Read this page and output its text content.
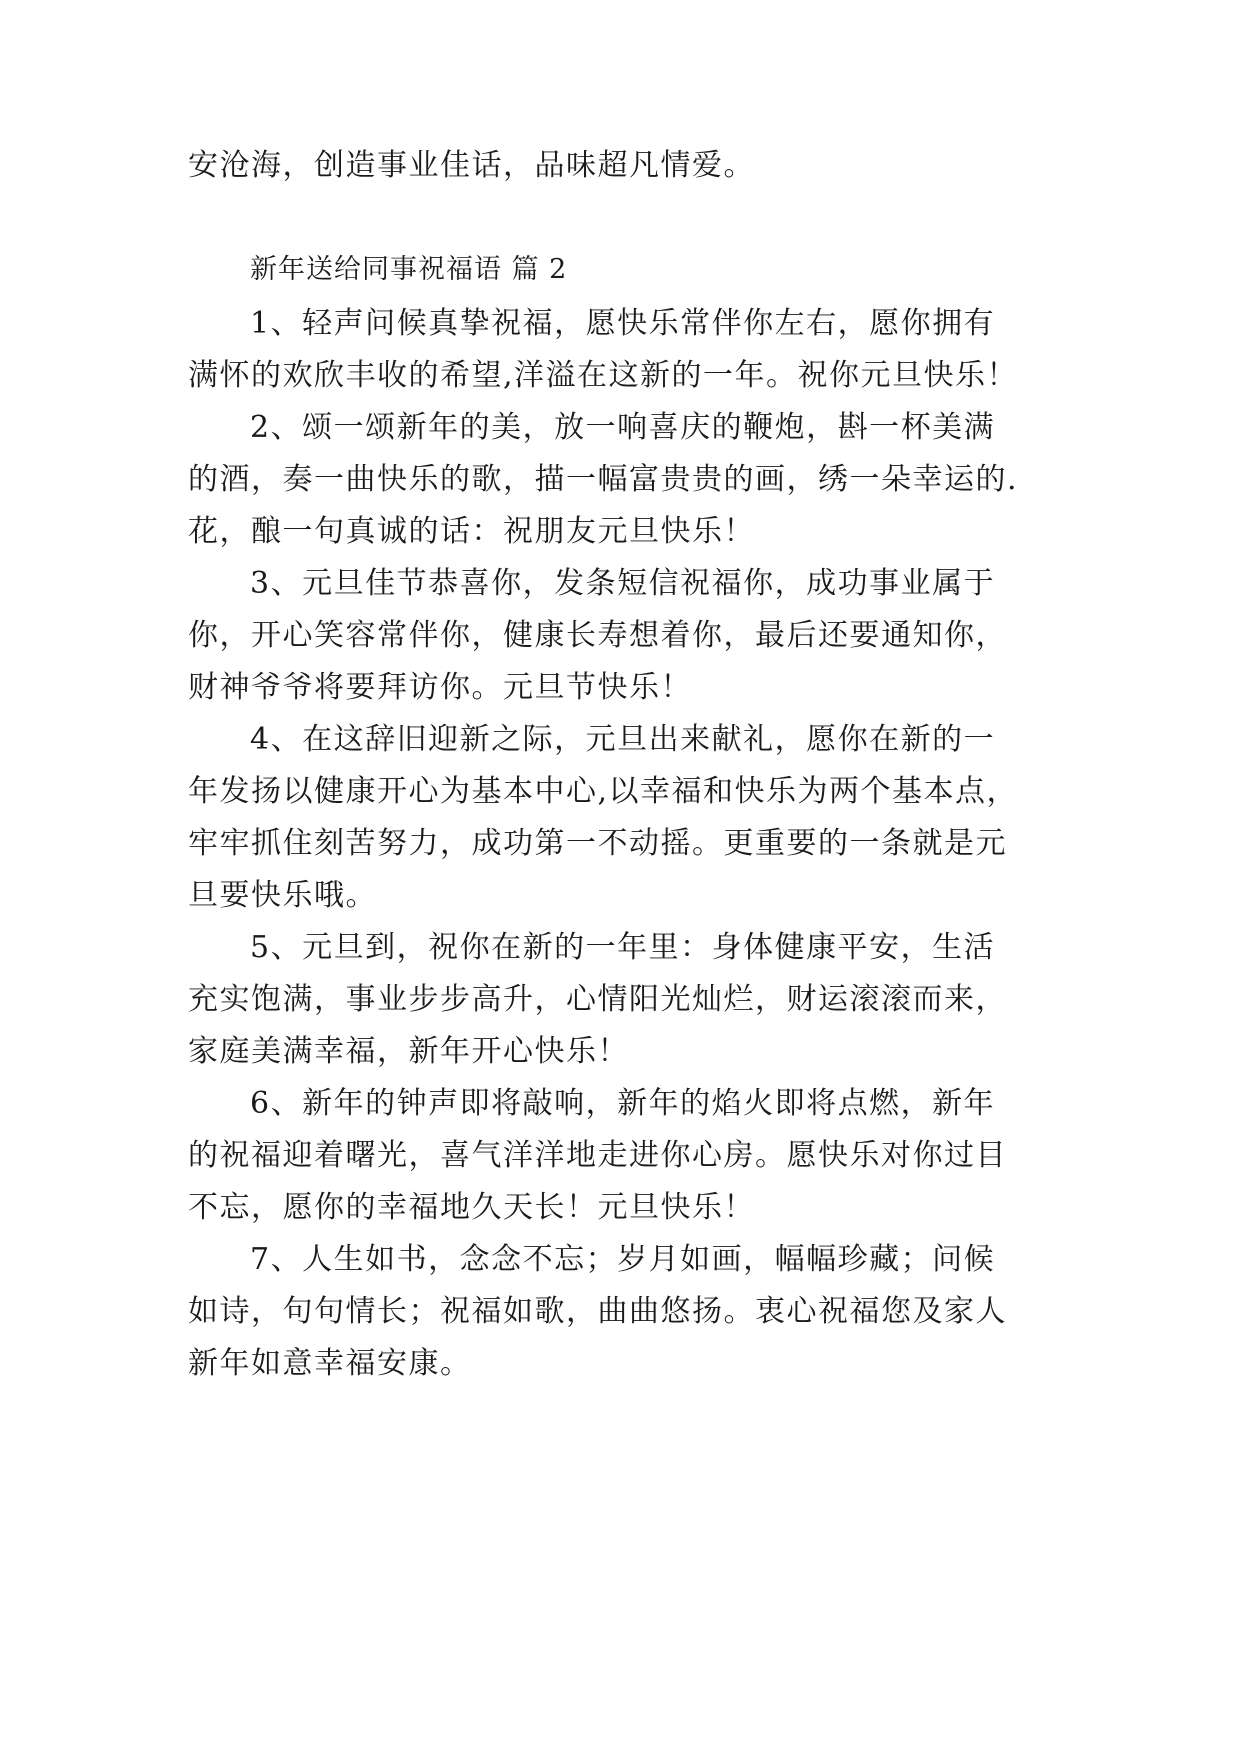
安沧海，创造事业佳话，品味超凡情爱。
新年送给同事祝福语 篇 2
1、轻声问候真挚祝福，愿快乐常伴你左右，愿你拥有
满怀的欢欣丰收的希望,洋溢在这新的一年。祝你元旦快乐！
2、颂一颂新年的美，放一响喜庆的鞭炮，斟一杯美满
的酒，奏一曲快乐的歌，描一幅富贵贵的画，绣一朵幸运的.
花，酿一句真诚的话：祝朋友元旦快乐！
3、元旦佳节恭喜你，发条短信祝福你，成功事业属于
你，开心笑容常伴你，健康长寿想着你，最后还要通知你，
财神爷爷将要拜访你。元旦节快乐！
4、在这辞旧迎新之际，元旦出来献礼，愿你在新的一
年发扬以健康开心为基本中心,以幸福和快乐为两个基本点，
牢牢抓住刻苦努力，成功第一不动摇。更重要的一条就是元
旦要快乐哦。
5、元旦到，祝你在新的一年里：身体健康平安，生活
充实饱满，事业步步高升，心情阳光灿烂，财运滚滚而来，
家庭美满幸福，新年开心快乐！
6、新年的钟声即将敲响，新年的焰火即将点燃，新年
的祝福迎着曙光，喜气洋洋地走进你心房。愿快乐对你过目
不忘，愿你的幸福地久天长！元旦快乐！
7、人生如书，念念不忘；岁月如画，幅幅珍藏；问候
如诗，句句情长；祝福如歌，曲曲悠扬。衷心祝福您及家人
新年如意幸福安康。
